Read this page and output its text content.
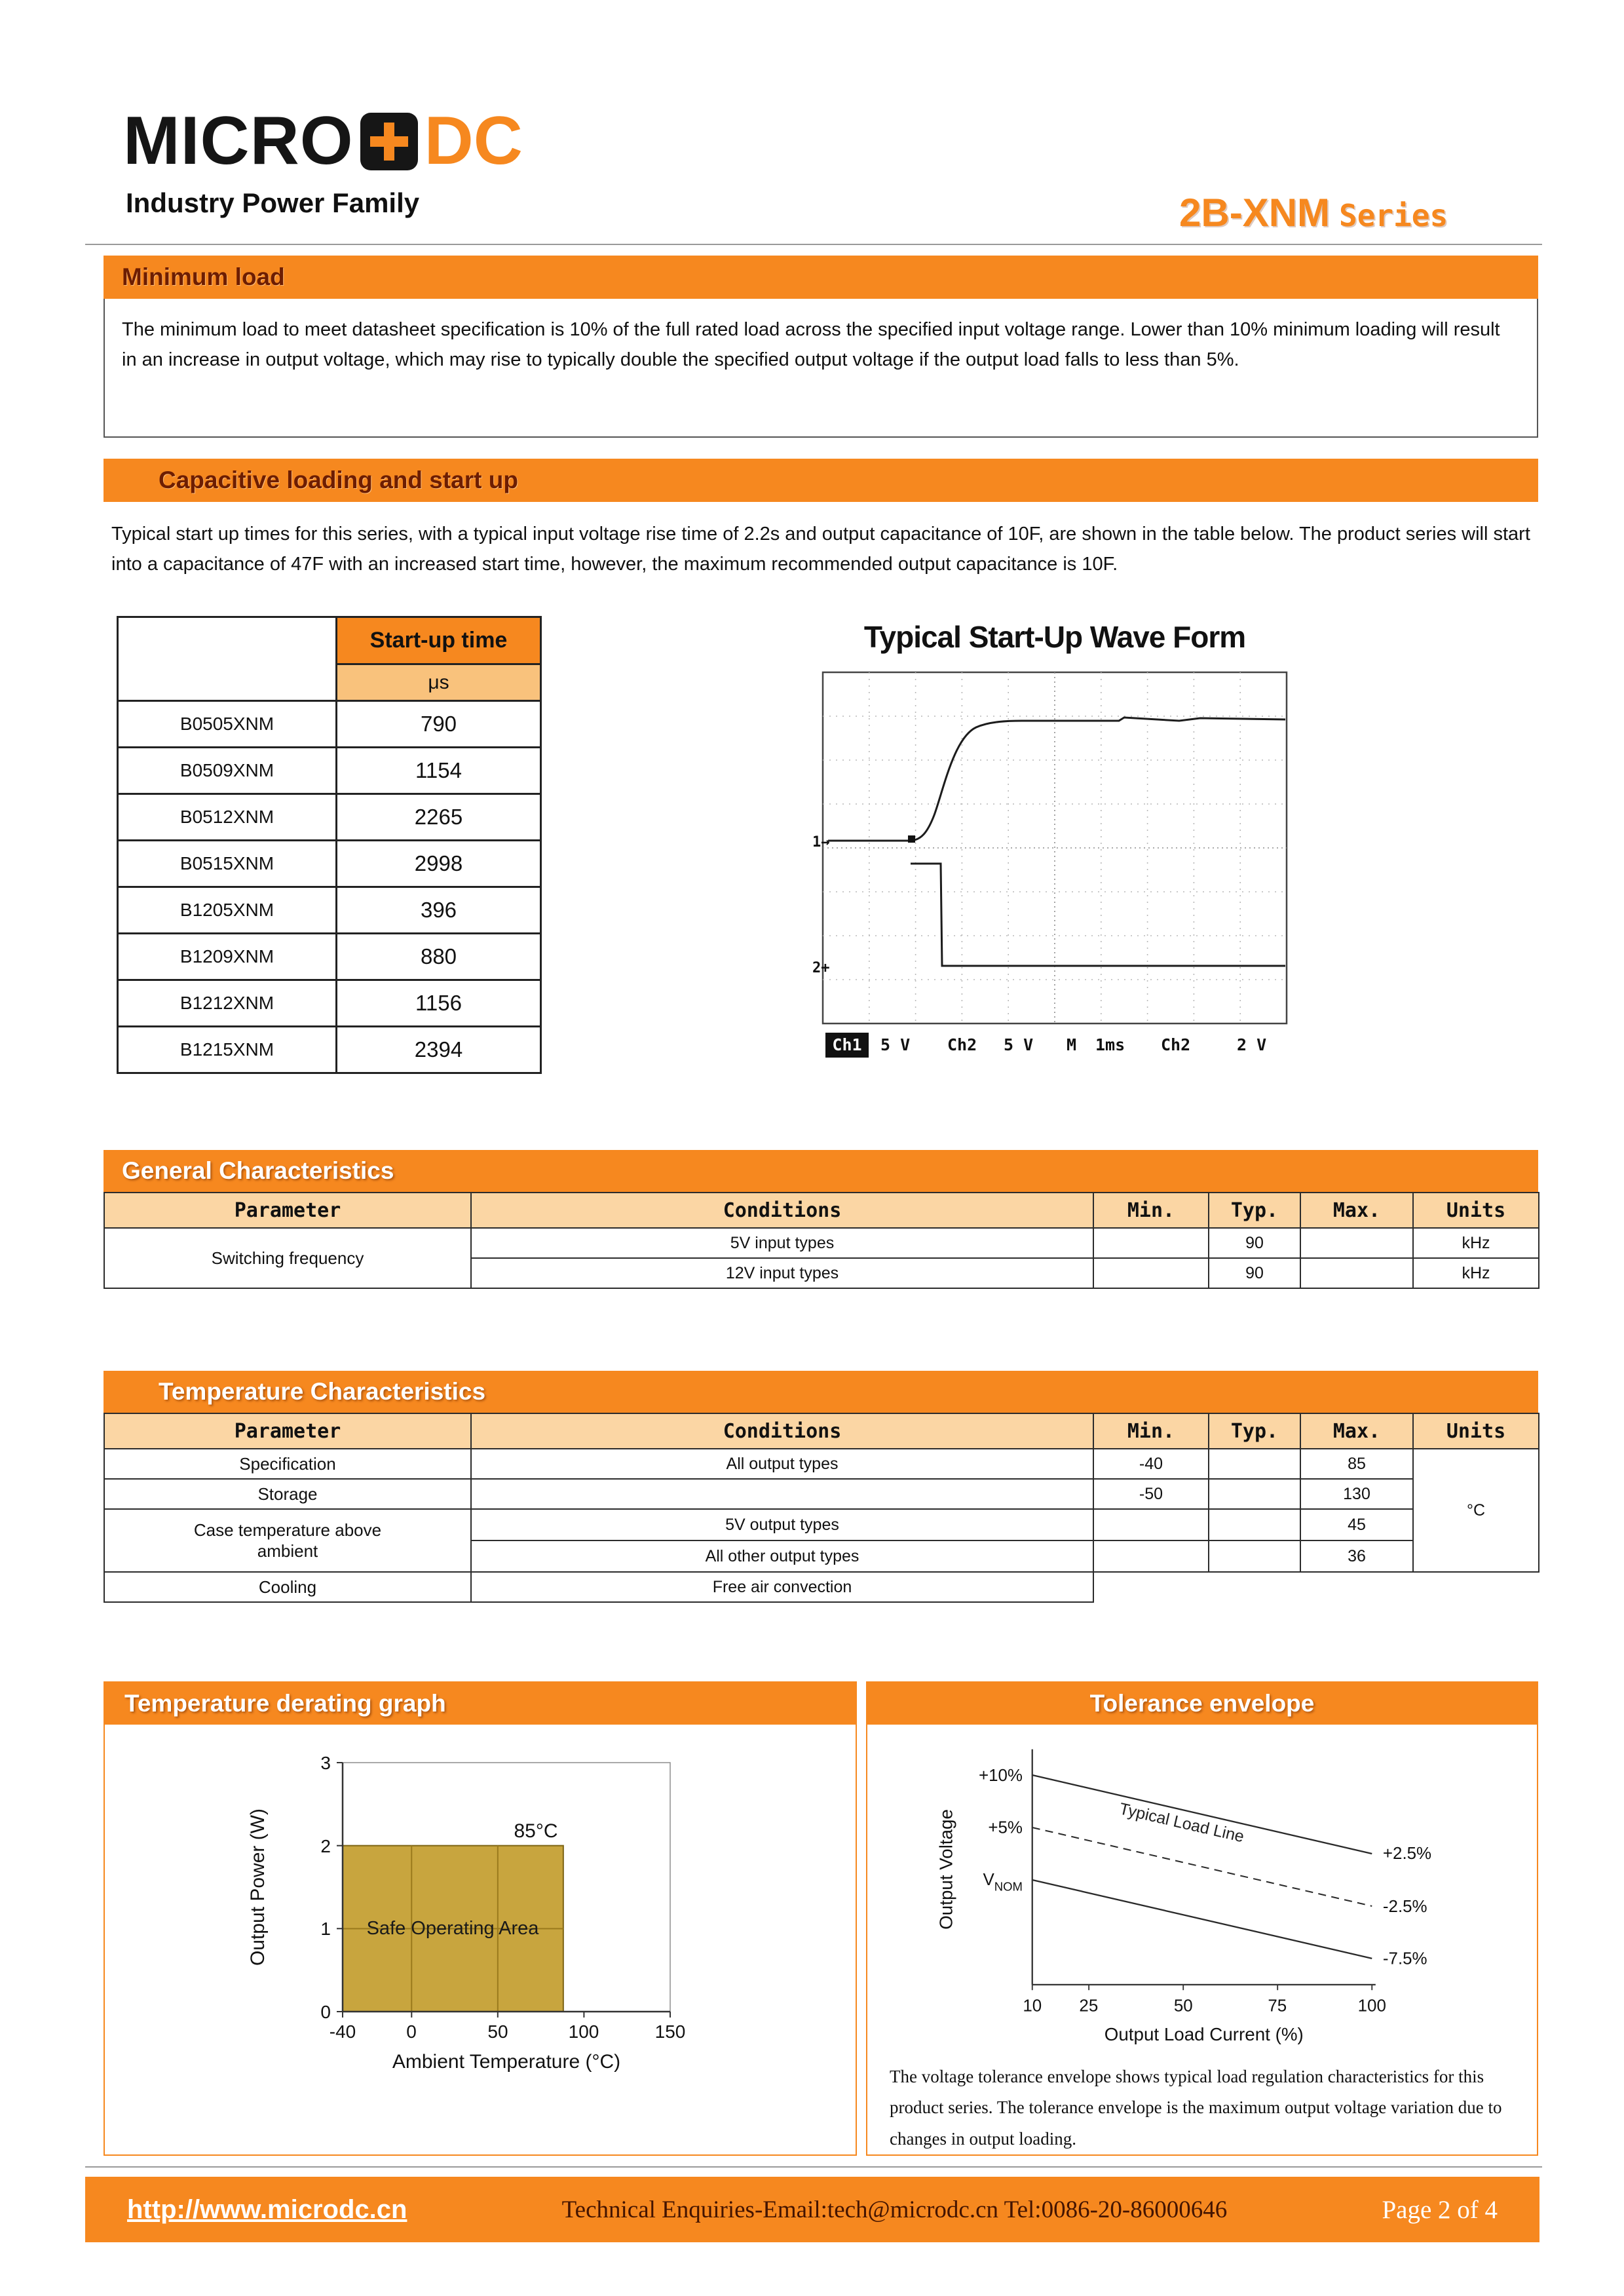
MICRO DC
Industry Power Family	2B-XNM Series
Minimum load
The minimum load to meet datasheet specification is 10% of the full rated load across the specified input voltage range. Lower than 10% minimum loading will result in an increase in output voltage, which may rise to typically double the specified output voltage if the output load falls to less than 5%.
Capacitive loading and start up
Typical start up times for this series, with a typical input voltage rise time of 2.2s and output capacitance of 10F, are shown in the table below. The product series will start into a capacitance of 47F with an increased start time, however, the maximum recommended output capacitance is 10F.
	Start-up time
	μs
B0505XNM	790
B0509XNM	1154
B0512XNM	2265
B0515XNM	2998
B1205XNM	396
B1209XNM	880
B1212XNM	1156
B1215XNM	2394
Typical Start-Up Wave Form
1→
2+
Ch1 5 V Ch2 5 V M 1ms Ch2	2 V
General Characteristics
Parameter	Conditions	Min.	Typ.	Max.	Units
Switching frequency	5V input types		90		kHz
	12V input types		90		kHz
Temperature Characteristics
Parameter	Conditions	Min.	Typ.	Max.	Units
Specification	All output types	-40		85	°C
Storage		-50		130	
Case temperature above ambient	5V output types			45	
	All other output types			36	
Cooling	Free air convection				
Temperature derating graph
0
1
2
3
-40	0	50	100	150
85°C
Safe Operating Area
Ambient Temperature (°C)
Output Power (W)
Tolerance envelope
+10%
+5%
$V_{NOM}$
+2.5%
-2.5%
-7.5%
Typical Load Line
10 25	50	75	100
Output Load Current (%)
Output Voltage
The voltage tolerance envelope shows typical load regulation characteristics for this product series. The tolerance envelope is the maximum output voltage variation due to changes in output loading.
http://www.microdc.cn	Technical Enquiries-Email:tech@microdc.cn Tel:0086-20-86000646	Page 2 of 4
